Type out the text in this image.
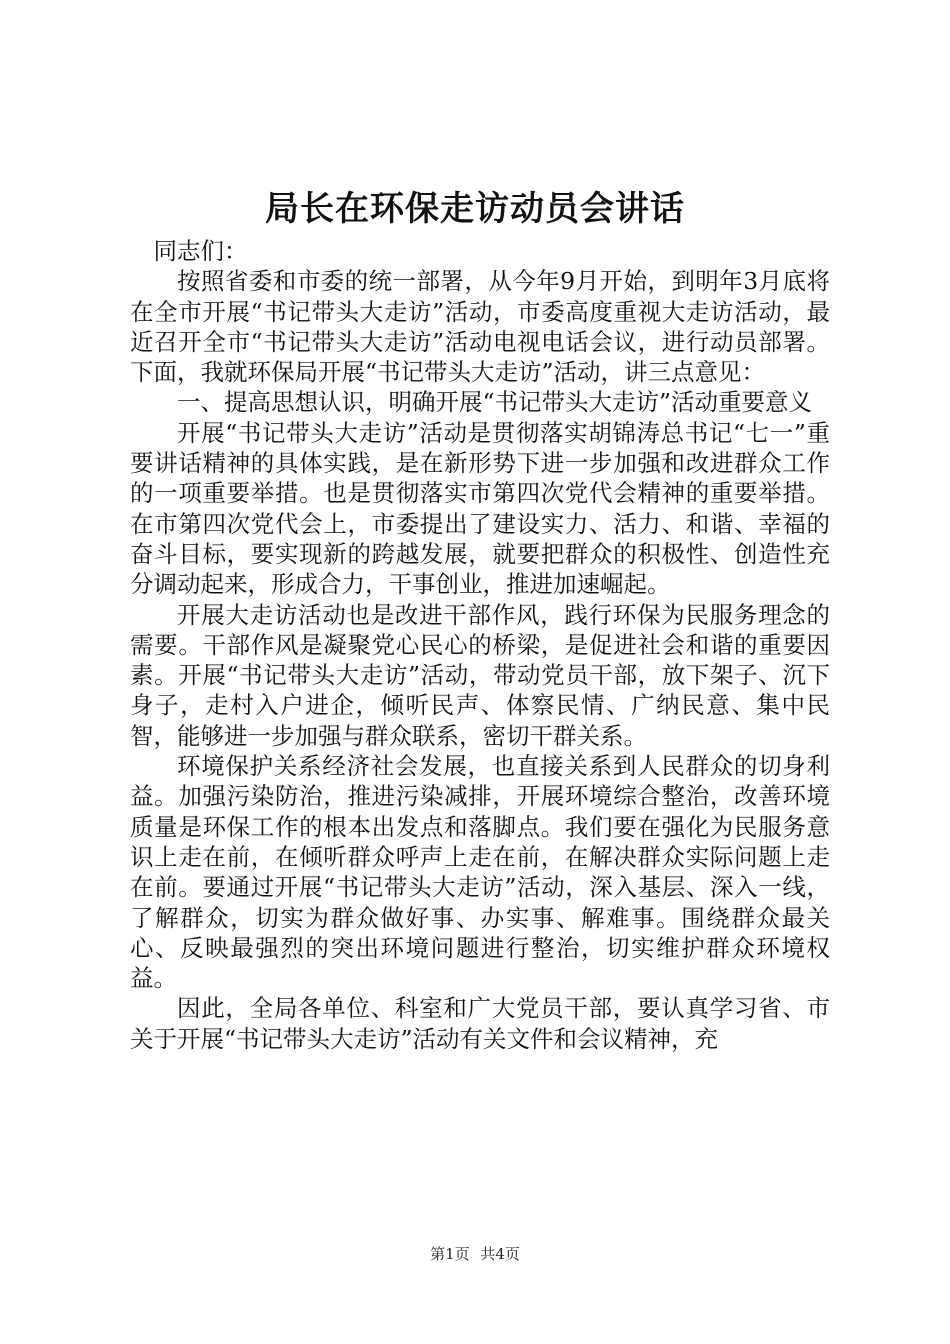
局长在环保走访动员会讲话

同志们：

按照省委和市委的统一部署，从今年9月开始，到明年3月底将在全市开展“书记带头大走访”活动，市委高度重视大走访活动，最近召开全市“书记带头大走访”活动电视电话会议，进行动员部署。下面，我就环保局开展“书记带头大走访”活动，讲三点意见：

一、提高思想认识，明确开展“书记带头大走访”活动重要意义

开展“书记带头大走访”活动是贯彻落实胡锦涛总书记“七一”重要讲话精神的具体实践，是在新形势下进一步加强和改进群众工作的一项重要举措。也是贯彻落实市第四次党代会精神的重要举措。在市第四次党代会上，市委提出了建设实力、活力、和谐、幸福的奋斗目标，要实现新的跨越发展，就要把群众的积极性、创造性充分调动起来，形成合力，干事创业，推进加速崛起。

开展大走访活动也是改进干部作风，践行环保为民服务理念的需要。干部作风是凝聚党心民心的桥梁，是促进社会和谐的重要因素。开展“书记带头大走访”活动，带动党员干部，放下架子、沉下身子，走村入户进企，倾听民声、体察民情、广纳民意、集中民智，能够进一步加强与群众联系，密切干群关系。

环境保护关系经济社会发展，也直接关系到人民群众的切身利益。加强污染防治，推进污染减排，开展环境综合整治，改善环境质量是环保工作的根本出发点和落脚点。我们要在强化为民服务意识上走在前，在倾听群众呼声上走在前，在解决群众实际问题上走在前。要通过开展“书记带头大走访”活动，深入基层、深入一线，了解群众，切实为群众做好事、办实事、解难事。围绕群众最关心、反映最强烈的突出环境问题进行整治，切实维护群众环境权益。

因此，全局各单位、科室和广大党员干部，要认真学习省、市关于开展“书记带头大走访”活动有关文件和会议精神，充

第1页 共4页
